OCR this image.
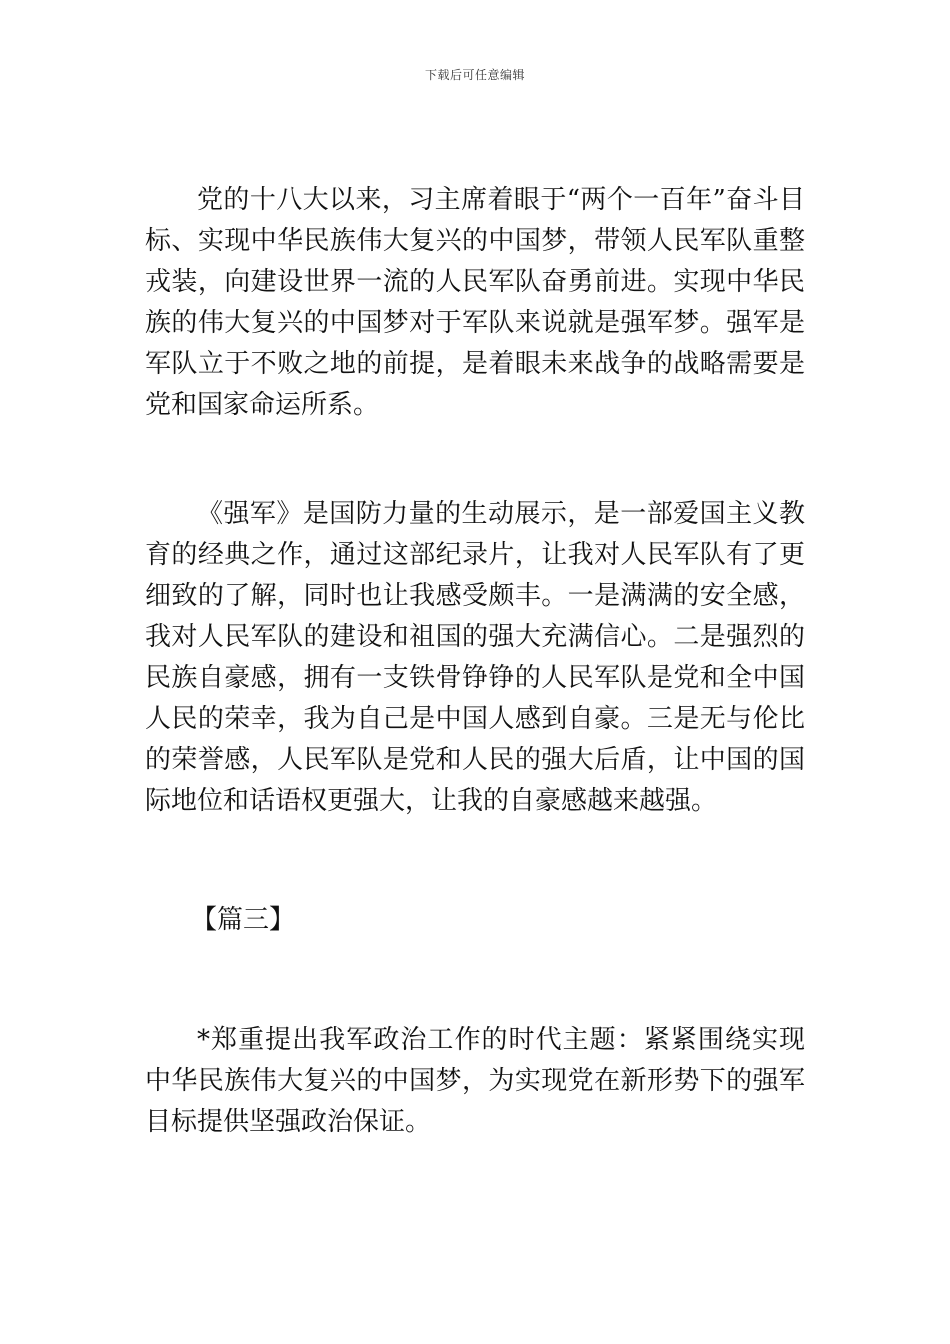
下载后可任意编辑

党的十八大以来，习主席着眼于“两个一百年”奋斗目标、实现中华民族伟大复兴的中国梦，带领人民军队重整戎装，向建设世界一流的人民军队奋勇前进。实现中华民族的伟大复兴的中国梦对于军队来说就是强军梦。强军是军队立于不败之地的前提，是着眼未来战争的战略需要是党和国家命运所系。

《强军》是国防力量的生动展示，是一部爱国主义教育的经典之作，通过这部纪录片，让我对人民军队有了更细致的了解，同时也让我感受颇丰。一是满满的安全感，我对人民军队的建设和祖国的强大充满信心。二是强烈的民族自豪感，拥有一支铁骨铮铮的人民军队是党和全中国人民的荣幸，我为自己是中国人感到自豪。三是无与伦比的荣誉感，人民军队是党和人民的强大后盾，让中国的国际地位和话语权更强大，让我的自豪感越来越强。

【篇三】

*郑重提出我军政治工作的时代主题：紧紧围绕实现中华民族伟大复兴的中国梦，为实现党在新形势下的强军目标提供坚强政治保证。
